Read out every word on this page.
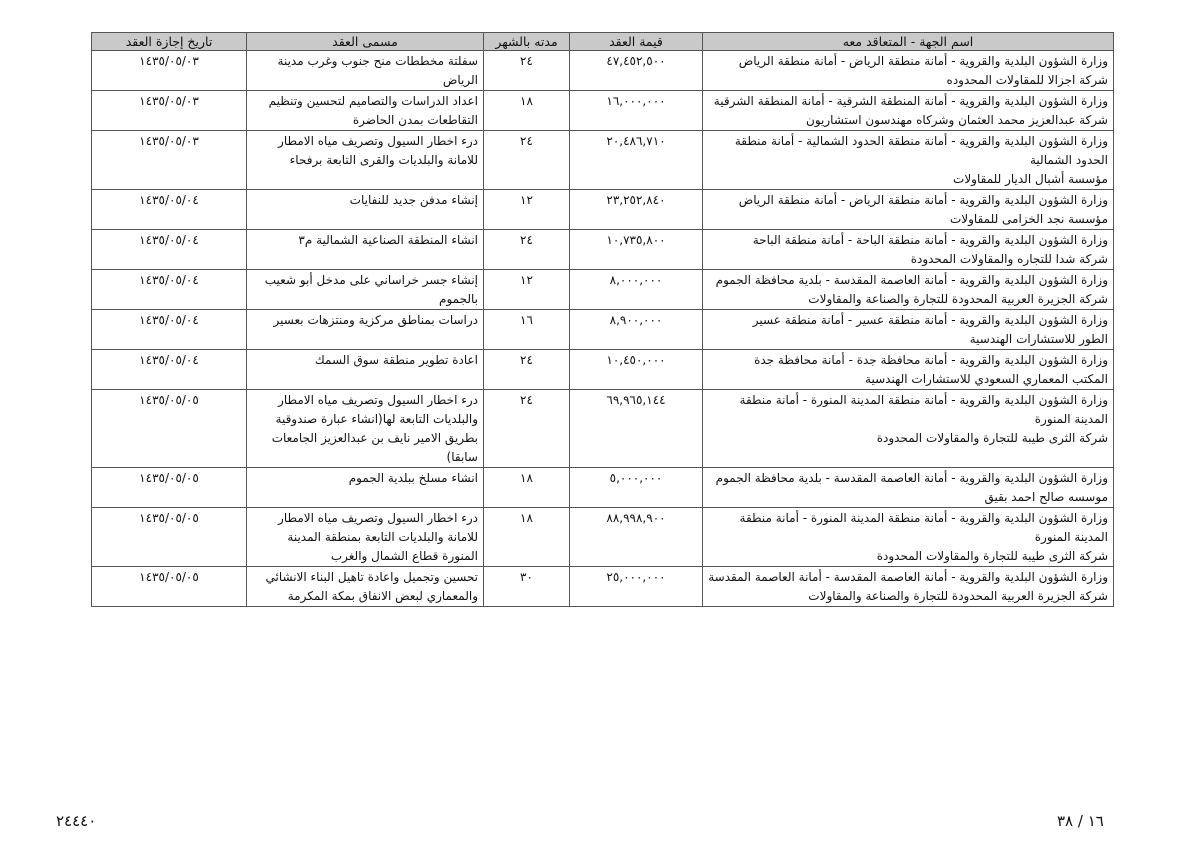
اسم الجهة - المتعاقد معه	قيمة العقد	مدته بالشهر	مسمى العقد	تاريخ إجازة العقد

وزارة الشؤون البلدية والقروية - أمانة منطقة الرياض - أمانة منطقة الرياض
شركة اجزالا للمقاولات المحدوده	٤٧,٤٥٢,٥٠٠	٢٤	سفلتة مخططات منح جنوب وغرب مدينة الرياض	١٤٣٥/٠٥/٠٣

وزارة الشؤون البلدية والقروية - أمانة المنطقة الشرقية - أمانة المنطقة الشرقية
شركة عبدالعزيز محمد العثمان وشركاه مهندسون استشاريون	١٦,٠٠٠,٠٠٠	١٨	اعداد الدراسات والتصاميم لتحسين وتنظيم التقاطعات بمدن الحاضرة	١٤٣٥/٠٥/٠٣

وزارة الشؤون البلدية والقروية - أمانة منطقة الحدود الشمالية - أمانة منطقة الحدود الشمالية
مؤسسة أشبال الديار للمقاولات	٢٠,٤٨٦,٧١٠	٢٤	درء اخطار السيول وتصريف مياه الامطار للامانة والبلديات والقرى التابعة برفحاء	١٤٣٥/٠٥/٠٣

وزارة الشؤون البلدية والقروية - أمانة منطقة الرياض - أمانة منطقة الرياض
مؤسسة نجد الخزامى للمقاولات	٢٣,٢٥٢,٨٤٠	١٢	إنشاء مدفن جديد للنفايات	١٤٣٥/٠٥/٠٤

وزارة الشؤون البلدية والقروية - أمانة منطقة الباحة - أمانة منطقة الباحة
شركة شدا للتجاره والمقاولات المحدودة	١٠,٧٣٥,٨٠٠	٢٤	انشاء المنطقة الصناعية الشمالية م٣	١٤٣٥/٠٥/٠٤

وزارة الشؤون البلدية والقروية - أمانة العاصمة المقدسة - بلدية محافظة الجموم
شركة الجزيرة العربية المحدودة للتجارة والصناعة والمقاولات	٨,٠٠٠,٠٠٠	١٢	إنشاء جسر خراساني على مدخل أبو شعيب بالجموم	١٤٣٥/٠٥/٠٤

وزارة الشؤون البلدية والقروية - أمانة منطقة عسير - أمانة منطقة عسير
الطور للاستشارات الهندسية	٨,٩٠٠,٠٠٠	١٦	دراسات بمناطق مركزية ومنتزهات بعسير	١٤٣٥/٠٥/٠٤

وزارة الشؤون البلدية والقروية - أمانة محافظة جدة - أمانة محافظة جدة
المكتب المعماري السعودي للاستشارات الهندسية	١٠,٤٥٠,٠٠٠	٢٤	اعادة تطوير منطقة سوق السمك	١٤٣٥/٠٥/٠٤

وزارة الشؤون البلدية والقروية - أمانة منطقة المدينة المنورة - أمانة منطقة المدينة المنورة
شركة الثرى طيبة للتجارة والمقاولات المحدودة	٦٩,٩٦٥,١٤٤	٢٤	درء اخطار السيول وتصريف مياه الامطار والبلديات التابعة لها(انشاء عبارة صندوقية بطريق الامير نايف بن عبدالعزيز الجامعات سابقا)	١٤٣٥/٠٥/٠٥

وزارة الشؤون البلدية والقروية - أمانة العاصمة المقدسة - بلدية محافظة الجموم
موسسه صالح احمد بقيق	٥,٠٠٠,٠٠٠	١٨	انشاء مسلخ ببلدية الجموم	١٤٣٥/٠٥/٠٥

وزارة الشؤون البلدية والقروية - أمانة منطقة المدينة المنورة - أمانة منطقة المدينة المنورة
شركة الثرى طيبة للتجارة والمقاولات المحدودة	٨٨,٩٩٨,٩٠٠	١٨	درء اخطار السيول وتصريف مياه الامطار للامانة والبلديات التابعة بمنطقة المدينة المنورة قطاع الشمال والغرب	١٤٣٥/٠٥/٠٥

وزارة الشؤون البلدية والقروية - أمانة العاصمة المقدسة - أمانة العاصمة المقدسة
شركة الجزيرة العربية المحدودة للتجارة والصناعة والمقاولات	٢٥,٠٠٠,٠٠٠	٣٠	تحسين وتجميل واعادة تاهيل البناء الانشائي والمعماري لبعض الانفاق بمكة المكرمة	١٤٣٥/٠٥/٠٥
٢٤٤٤٠	١٦ / ٣٨
